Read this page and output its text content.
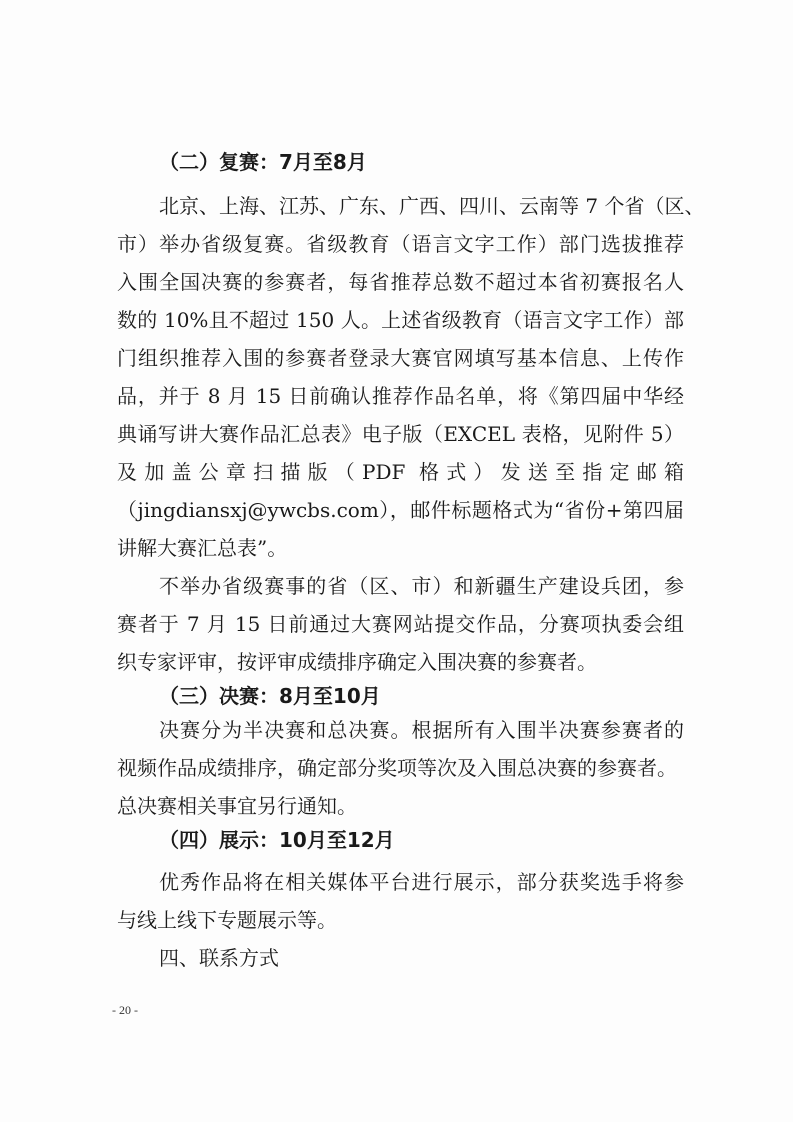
（二）复赛：7月至8月
北京、上海、江苏、广东、广西、四川、云南等 7 个省（区、
市）举办省级复赛。省级教育（语言文字工作）部门选拔推荐
入围全国决赛的参赛者，每省推荐总数不超过本省初赛报名人
数的 10%且不超过 150 人。上述省级教育（语言文字工作）部
门组织推荐入围的参赛者登录大赛官网填写基本信息、上传作
品，并于 8 月 15 日前确认推荐作品名单，将《第四届中华经
典诵写讲大赛作品汇总表》电子版（EXCEL 表格，见附件 5）
及加盖公章扫描版（PDF 格式）发送至指定邮箱
（jingdiansxj@ywcbs.com），邮件标题格式为“省份+第四届
讲解大赛汇总表”。
不举办省级赛事的省（区、市）和新疆生产建设兵团，参
赛者于 7 月 15 日前通过大赛网站提交作品，分赛项执委会组
织专家评审，按评审成绩排序确定入围决赛的参赛者。
（三）决赛：8月至10月
决赛分为半决赛和总决赛。根据所有入围半决赛参赛者的
视频作品成绩排序，确定部分奖项等次及入围总决赛的参赛者。
总决赛相关事宜另行通知。
（四）展示：10月至12月
优秀作品将在相关媒体平台进行展示，部分获奖选手将参
与线上线下专题展示等。
四、联系方式
- 20 -
